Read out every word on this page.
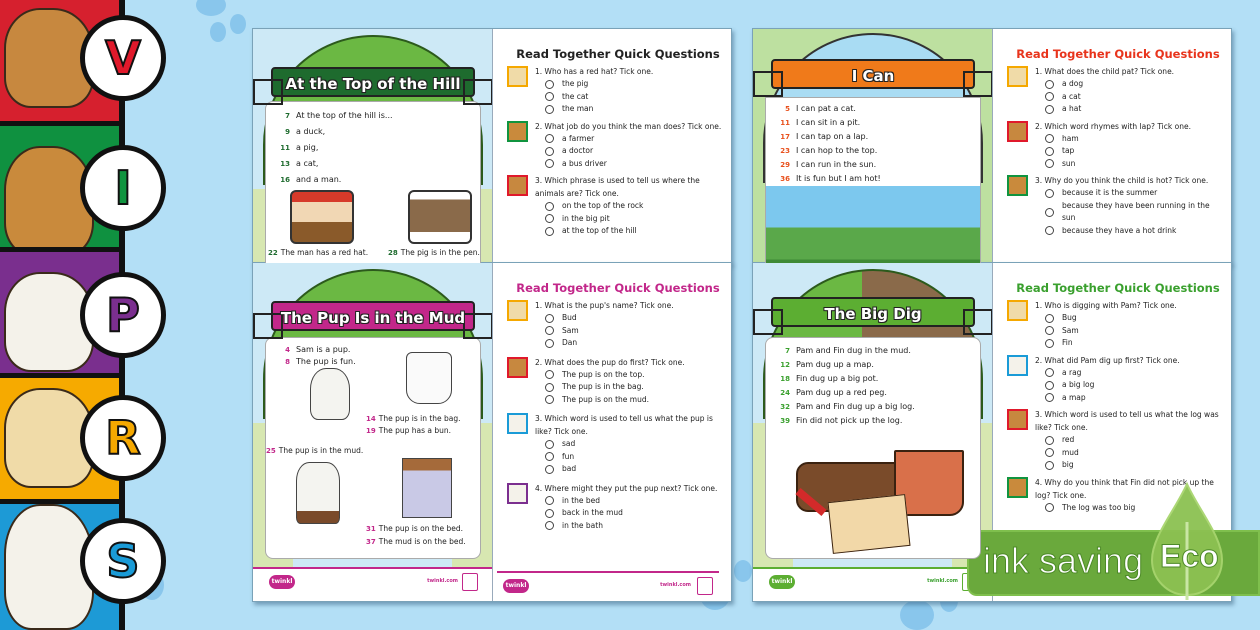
V
I
P
R
S
At the Top of the Hill
7 At the top of the hill is...
9 a duck,
11 a pig,
13 a cat,
16 and a man.
22 The man has a red hat.	28 The pig is in the pen.
Read Together Quick Questions
1. Who has a red hat? Tick one.
the pig
the cat
the man
2. What job do you think the man does? Tick one.
a farmer
a doctor
a bus driver
3. Which phrase is used to tell us where the animals are? Tick one.
on the top of the rock
in the big pit
at the top of the hill
I Can
5 I can pat a cat.
11 I can sit in a pit.
17 I can tap on a lap.
23 I can hop to the top.
29 I can run in the sun.
36 It is fun but I am hot!
Read Together Quick Questions
1. What does the child pat? Tick one.
a dog
a cat
a hat
2. Which word rhymes with lap? Tick one.
ham
tap
sun
3. Why do you think the child is hot? Tick one.
because it is the summer
because they have been running in the sun
because they have a hot drink
The Pup Is in the Mud
4 Sam is a pup.
8 The pup is fun.
14 The pup is in the bag.
19 The pup has a bun.
25 The pup is in the mud.
31 The pup is on the bed.
37 The mud is on the bed.
twinkl	twinkl.com
Read Together Quick Questions
1. What is the pup's name? Tick one.
Bud
Sam
Dan
2. What does the pup do first? Tick one.
The pup is on the top.
The pup is in the bag.
The pup is on the mud.
3. Which word is used to tell us what the pup is like? Tick one.
sad
fun
bad
4. Where might they put the pup next? Tick one.
in the bed
back in the mud
in the bath
twinkl	twinkl.com
The Big Dig
7 Pam and Fin dug in the mud.
12 Pam dug up a map.
18 Fin dug up a big pot.
24 Pam dug up a red peg.
32 Pam and Fin dug up a big log.
39 Fin did not pick up the log.
twinkl	twinkl.com
Read Together Quick Questions
1. Who is digging with Pam? Tick one.
Bug
Sam
Fin
2. What did Pam dig up first? Tick one.
a rag
a big log
a map
3. Which word is used to tell us what the log was like? Tick one.
red
mud
big
4. Why do you think that Fin did not pick up the log? Tick one.
The log was too big
ink saving Eco
